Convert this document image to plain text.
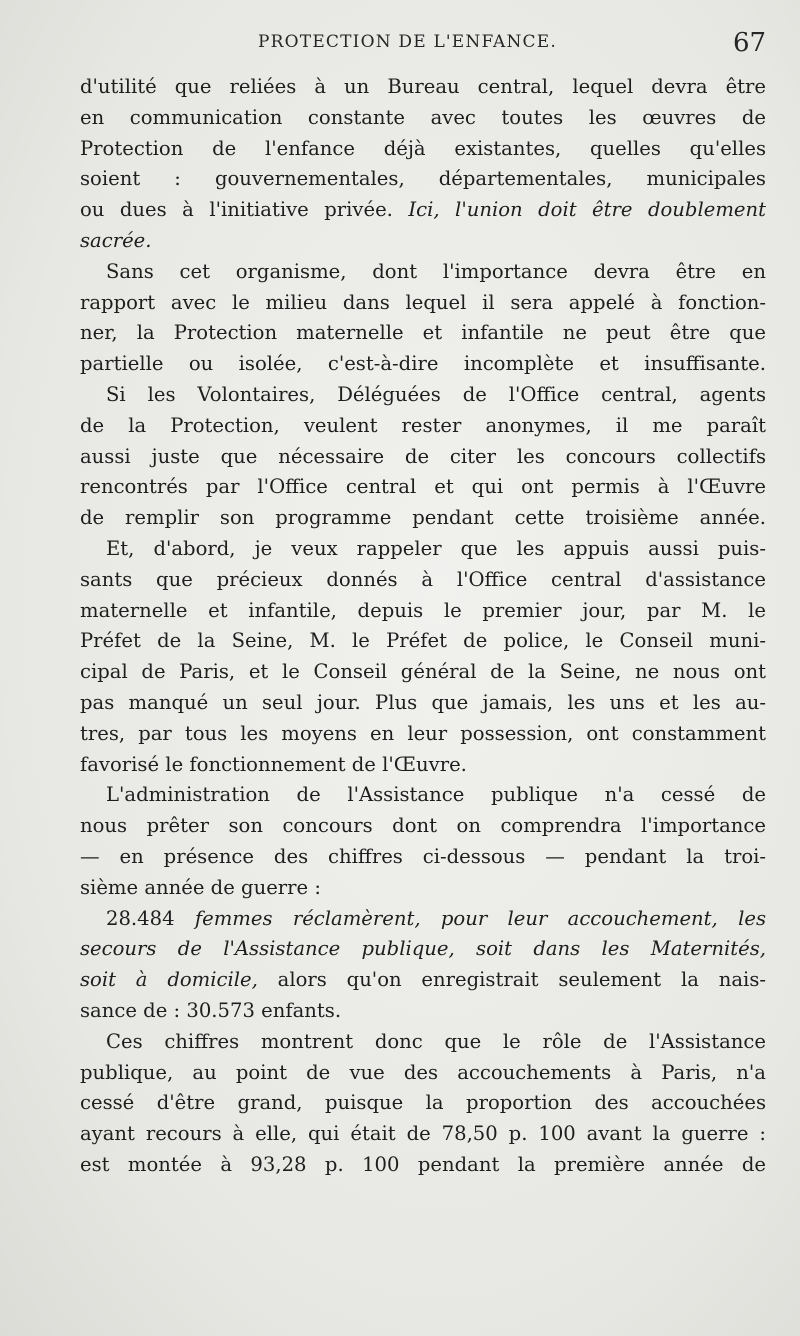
PROTECTION DE L'ENFANCE.	67
d'utilité que reliées à un Bureau central, lequel devra être
en communication constante avec toutes les œuvres de
Protection de l'enfance déjà existantes, quelles qu'elles
soient : gouvernementales, départementales, municipales
ou dues à l'initiative privée. Ici, l'union doit être doublement
sacrée.
Sans cet organisme, dont l'importance devra être en
rapport avec le milieu dans lequel il sera appelé à fonction-
ner, la Protection maternelle et infantile ne peut être que
partielle ou isolée, c'est-à-dire incomplète et insuffisante.
Si les Volontaires, Déléguées de l'Office central, agents
de la Protection, veulent rester anonymes, il me paraît
aussi juste que nécessaire de citer les concours collectifs
rencontrés par l'Office central et qui ont permis à l'Œuvre
de remplir son programme pendant cette troisième année.
Et, d'abord, je veux rappeler que les appuis aussi puis-
sants que précieux donnés à l'Office central d'assistance
maternelle et infantile, depuis le premier jour, par M. le
Préfet de la Seine, M. le Préfet de police, le Conseil muni-
cipal de Paris, et le Conseil général de la Seine, ne nous ont
pas manqué un seul jour. Plus que jamais, les uns et les au-
tres, par tous les moyens en leur possession, ont constamment
favorisé le fonctionnement de l'Œuvre.
L'administration de l'Assistance publique n'a cessé de
nous prêter son concours dont on comprendra l'importance
— en présence des chiffres ci-dessous — pendant la troi-
sième année de guerre :
28.484 femmes réclamèrent, pour leur accouchement, les
secours de l'Assistance publique, soit dans les Maternités,
soit à domicile, alors qu'on enregistrait seulement la nais-
sance de : 30.573 enfants.
Ces chiffres montrent donc que le rôle de l'Assistance
publique, au point de vue des accouchements à Paris, n'a
cessé d'être grand, puisque la proportion des accouchées
ayant recours à elle, qui était de 78,50 p. 100 avant la guerre :
est montée à 93,28 p. 100 pendant la première année de
